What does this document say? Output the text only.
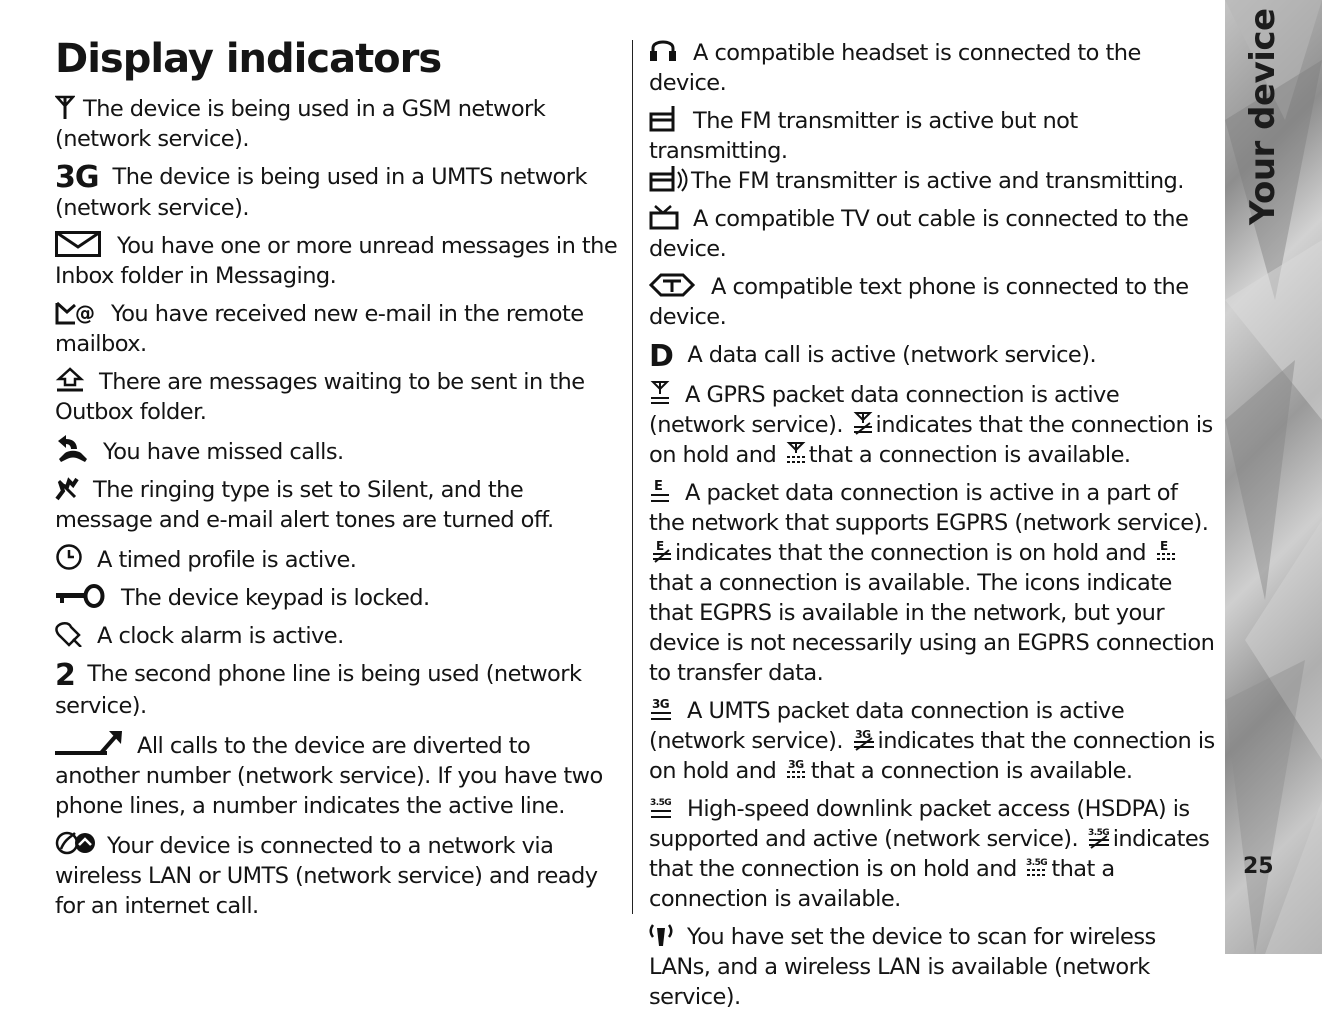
Display indicators

The device is being used in a GSM network (network service).

3G The device is being used in a UMTS network (network service).

You have one or more unread messages in the Inbox folder in Messaging.

@ You have received new e-mail in the remote mailbox.

There are messages waiting to be sent in the Outbox folder.

You have missed calls.

The ringing type is set to Silent, and the message and e-mail alert tones are turned off.

A timed profile is active.

The device keypad is locked.

A clock alarm is active.

2 The second phone line is being used (network service).

All calls to the device are diverted to another number (network service). If you have two phone lines, a number indicates the active line.

Your device is connected to a network via wireless LAN or UMTS (network service) and ready for an internet call.

A compatible headset is connected to the device.

The FM transmitter is active but not transmitting.

The FM transmitter is active and transmitting.

A compatible TV out cable is connected to the device.

A compatible text phone is connected to the device.

D A data call is active (network service).

A GPRS packet data connection is active (network service). indicates that the connection is on hold and that a connection is available.

E A packet data connection is active in a part of the network that supports EGPRS (network service).
E indicates that the connection is on hold and E
that a connection is available. The icons indicate that EGPRS is available in the network, but your device is not necessarily using an EGPRS connection to transfer data.

3G A UMTS packet data connection is active (network service). 3G indicates that the connection is on hold and 3G that a connection is available.

3.5G High-speed downlink packet access (HSDPA) is supported and active (network service). 3.5G indicates that the connection is on hold and 3.5G that a connection is available.

You have set the device to scan for wireless LANs, and a wireless LAN is available (network service).

Your device
25
